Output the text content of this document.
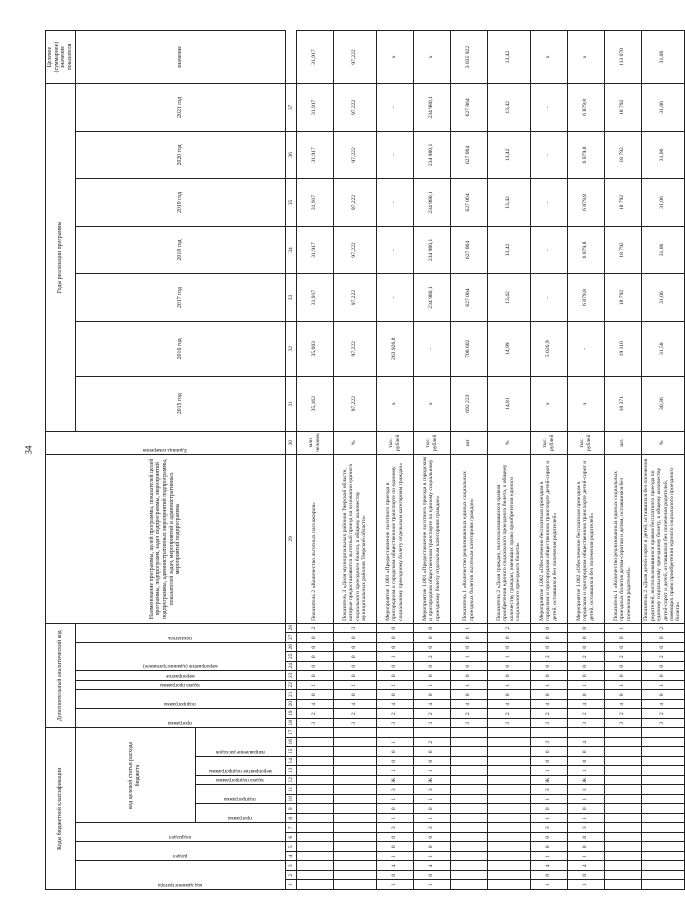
34
Коды бюджетной классификации																	Дополнительный аналитический код											Наименование программы, целей программы, показателей целей программы, подпрограмм, задач подпрограммы, мероприятий подпрограммы, административных мероприятий подпрограммы, показателей задач, мероприятий и административных мероприятий подпрограммы	Единица измерения	Годы реализации программы							Целевое (суммарное) значение показателя

код администратора			раздел		подраздел		код целевой статьи расхода бюджета										программа		подпрограмма		задача программы	мероприятие	мероприятие (административное)			показатель				2015 год	2016 год	2017 год	2018 год	2019 год	2020 год	2021 год	значение

							программа		подпрограмма		задача подпрограммы	мероприятие подпрограммы		направление расходов																							

1	2	3	4	5	6	7	8	9	10	11	12	13	14	15	16	17	18	19	20	21	22	23	24	25	26	27	28	29	30	31	32	33	34	35	36	37	
																	3	2	4	0	1	0	0	0	0	0	2	Показатель 2 «Количество льготных пассажиров»	млн человек	35,162	35,603	31,917	31,917	31,917	31,917	31,917	31,917
																	3	2	4	0	1	0	0	0	0	0	3	Показатель 3 «Доля муниципальных районов Тверской области, которые предоставляются льготный проезд на основании единого социального проездного билета, к общему количеству муниципальных районов Тверской области»	%	97,222	97,222	97,222	97,222	97,222	97,222	97,222	97,222
1	0	4	1	0	0	3	1	0	1	3	Ж	1	0	0	1		3	2	4	0	1	0	0	1	0	0	0	Мероприятие 1.001 «Предоставление льготного проезда в пригородном и городском общественном транспорте по единому социальному проездному билету отдельным категориям граждан»	тыс. рублей	x	263 926,8	-	-	-	-	-	x
1	0	4	1	0	0	3	1	0	1	3	Ж	1	0	0	2		3	2	4	0	1	0	0	2	0	0	0	Мероприятие 1.001 «Предоставление льготного проезда в городском и пригородном общественном транспорте по единому социальному проездному билету отдельным категориям граждан»	тыс. рублей	x	-	234 980,1	234 980,1	234 980,1	234 980,1	234 980,1	x
																	3	2	4	0	1	0	0	1	0	0	1	Показатель 1 «Количество реализованных единых социальных проездных билетов льготным категориям граждан»	шт	692 223	700 602	627 064	627 064	627 064	627 064	627 064	3 835 922
																	3	2	4	0	1	0	0	1	0	0	2	Показатель 2 «Доля граждан, воспользовавшихся правом приобретения единого социального проездного билета, к общему количеству граждан, имеющих право приобретения единого социального проездного билета»	%	14,81	14,99	13,42	13,42	13,42	13,42	13,42	13,42
1	0	4	1	0	0	3	1	0	1	3	Ж	1	0	0	3		3	2	4	0	1	0	0	2	0	0	0	Мероприятие 1.002 «Обеспечение бесплатным проездом в городском и пригородном общественном транспорте детей-сирот и детей, оставшихся без попечения родителей»	тыс. рублей	x	5 026,9	-	-	-	-	-	x
1	0	4	1	0	0	3	1	0	1	3	Ж	1	0	0	4		3	2	4	0	1	0	0	2	0	0	0	Мероприятие 1.002 «Обеспечение бесплатным проездом в городском и пригородном общественном транспорте детей-сирот и детей, оставшихся без попечения родителей»	тыс. рублей	x	-	6 879,8	6 879,8	6 879,8	6 879,8	6 879,8	x
																	3	2	4	0	1	0	0	2	0	0	1	Показатель 1 «Количество реализованных единых социальных проездных билетов детям-сиротам и детям, оставшимся без попечения родителей»	шт.	18 371	19 110	18 792	18 792	18 792	18 792	18 792	113 070
																	3	2	4	0	1	0	0	2	0	0	2	Показатель 2 «Доля детей-сирот и детей, оставшихся без попечения родителей, воспользовавшихся правом бесплатного проезда по единому социальному проездному билету, к общему количеству детей-сирот и детей, оставшихся без попечения родителей, имеющих право приобретения единого социального проездного билета»	%	30,36	31,58	31,06	31,06	31,06	31,06	31,06	31,06
